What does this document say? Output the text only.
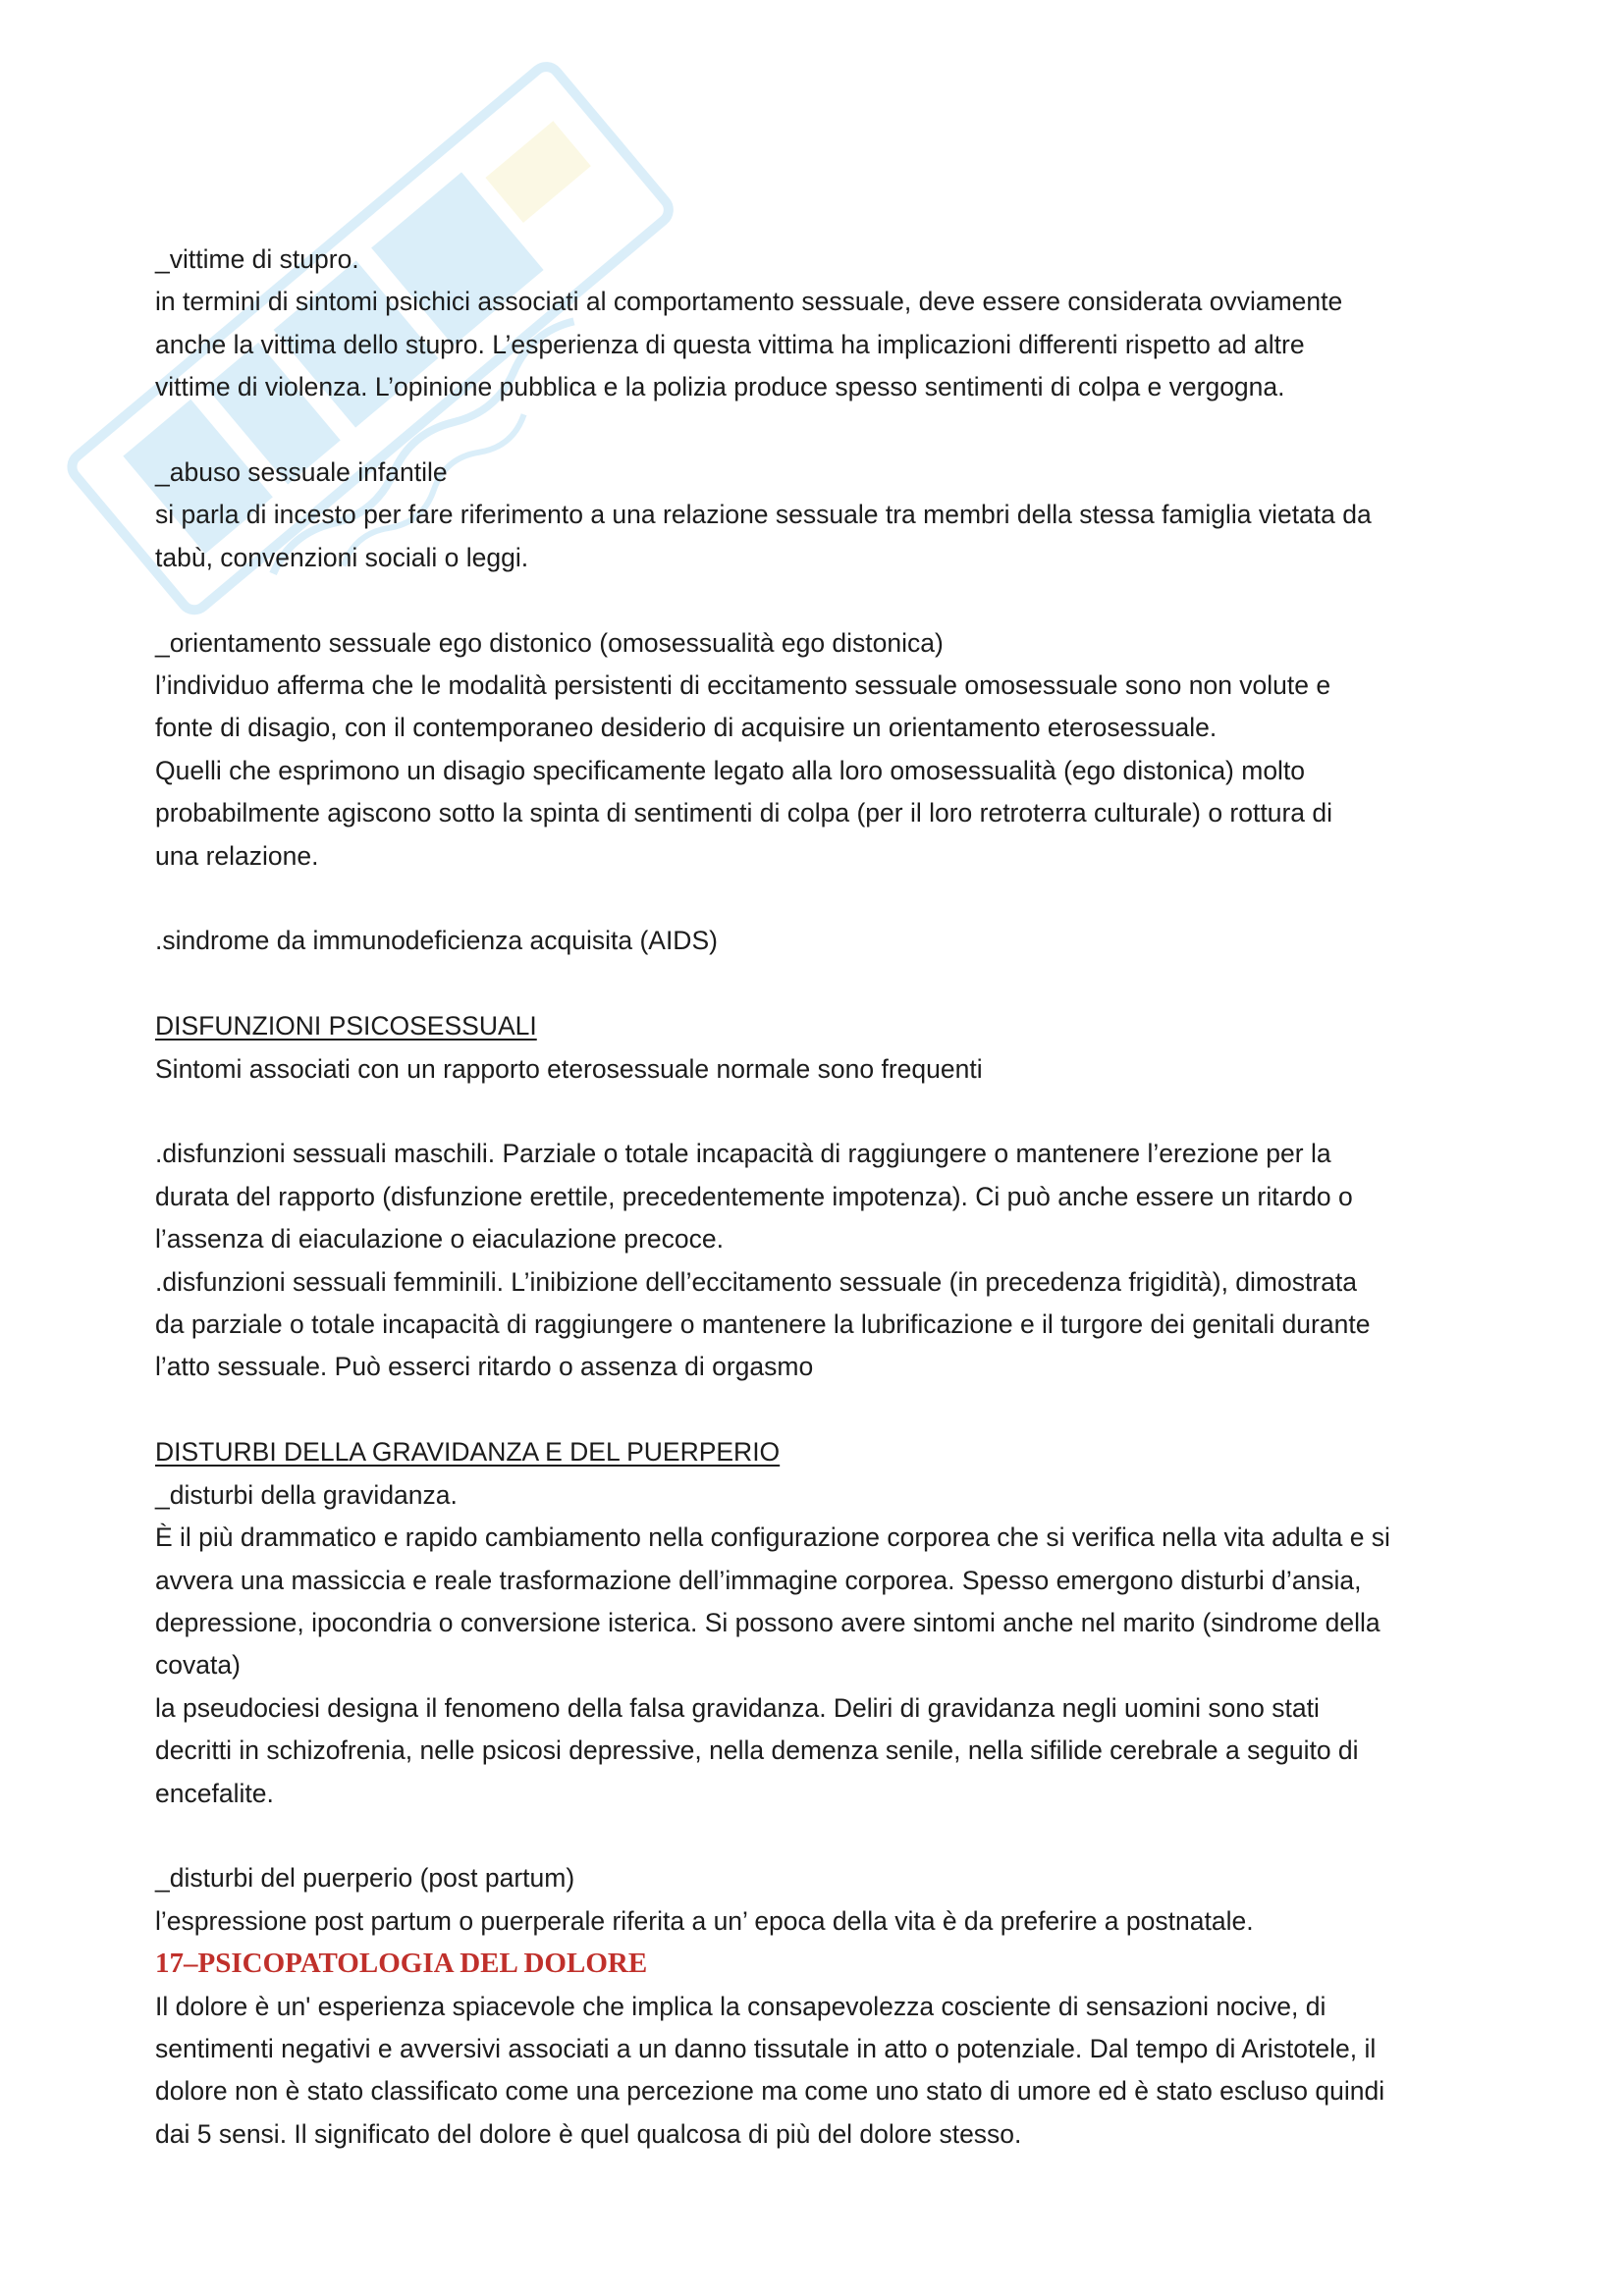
_vittime di stupro.

in termini di sintomi psichici associati al comportamento sessuale, deve essere considerata ovviamente

anche la vittima dello stupro. L’esperienza di questa vittima ha implicazioni differenti rispetto ad altre

vittime di violenza. L’opinione pubblica e la polizia produce spesso sentimenti di colpa e vergogna.

_abuso sessuale infantile

si parla di incesto per fare riferimento a una relazione sessuale tra membri della stessa famiglia vietata da

tabù, convenzioni sociali o leggi.

_orientamento sessuale ego distonico (omosessualità ego distonica)

l’individuo afferma che le modalità persistenti di eccitamento sessuale omosessuale sono non volute e

fonte di disagio, con il contemporaneo desiderio di acquisire un orientamento eterosessuale.

Quelli che esprimono un disagio specificamente legato alla loro omosessualità (ego distonica) molto

probabilmente agiscono sotto la spinta di sentimenti di colpa (per il loro retroterra culturale) o rottura di

una relazione.

.sindrome da immunodeficienza acquisita (AIDS)

DISFUNZIONI PSICOSESSUALI

Sintomi associati con un rapporto eterosessuale normale sono frequenti

.disfunzioni sessuali maschili. Parziale o totale incapacità di raggiungere o mantenere l’erezione per la

durata del rapporto (disfunzione erettile, precedentemente impotenza). Ci può anche essere un ritardo o

l’assenza di eiaculazione o eiaculazione precoce.

.disfunzioni sessuali femminili. L’inibizione dell’eccitamento sessuale (in precedenza frigidità), dimostrata

da parziale o totale incapacità di raggiungere o mantenere la lubrificazione e il turgore dei genitali durante

l’atto sessuale. Può esserci ritardo o assenza di orgasmo

DISTURBI DELLA GRAVIDANZA E DEL PUERPERIO

_disturbi della gravidanza.

È il più drammatico e rapido cambiamento nella configurazione corporea che si verifica nella vita adulta e si

avvera una massiccia e reale trasformazione dell’immagine corporea. Spesso emergono disturbi d’ansia,

depressione, ipocondria o conversione isterica. Si possono avere sintomi anche nel marito (sindrome della

covata)

la pseudociesi designa il fenomeno della falsa gravidanza. Deliri di gravidanza negli uomini sono stati

decritti in schizofrenia, nelle psicosi depressive, nella demenza senile, nella sifilide cerebrale a seguito di

encefalite.

_disturbi del puerperio (post partum)

l’espressione post partum o puerperale riferita a un’ epoca della vita è da preferire a postnatale.

17–PSICOPATOLOGIA DEL DOLORE

Il dolore è un' esperienza spiacevole che implica la consapevolezza cosciente di sensazioni nocive, di

sentimenti negativi e avversivi associati a un danno tissutale in atto o potenziale. Dal tempo di Aristotele, il

dolore non è stato classificato come una percezione ma come uno stato di umore ed è stato escluso quindi

dai 5 sensi. Il significato del dolore è quel qualcosa di più del dolore stesso.
